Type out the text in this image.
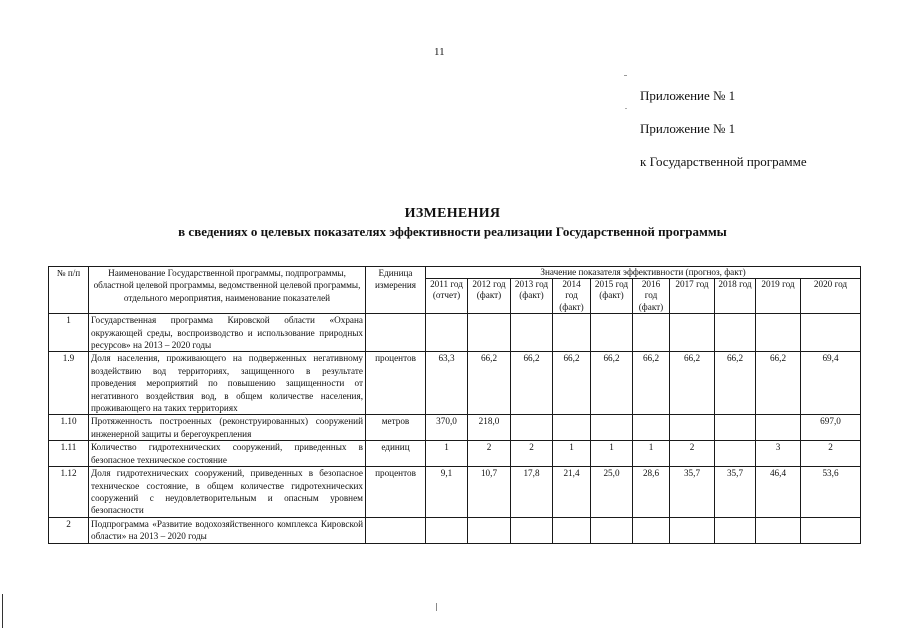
11
Приложение № 1
Приложение № 1
к Государственной программе
ИЗМЕНЕНИЯ
в сведениях о целевых показателях эффективности реализации Государственной программы
№ п/п	Наименование Государственной программы, подпрограммы, областной целевой программы, ведомственной целевой программы, отдельного мероприятия, наименование показателей	Единица измерения	Значение показателя эффективности (прогноз, факт)									
			2011 год (отчет)	2012 год (факт)	2013 год (факт)	2014 год (факт)	2015 год (факт)	2016 год (факт)	2017 год	2018 год	2019 год	2020 год
1	Государственная программа Кировской области «Охрана окружающей среды, воспроизводство и использование природных ресурсов» на 2013 – 2020 годы											
1.9	Доля населения, проживающего на подверженных негативному воздействию вод территориях, защищенного в результате проведения мероприятий по повышению защищенности от негативного воздействия вод, в общем количестве населения, проживающего на таких территориях	процентов	63,3	66,2	66,2	66,2	66,2	66,2	66,2	66,2	66,2	69,4
1.10	Протяженность построенных (реконструированных) сооружений инженерной защиты и берегоукрепления	метров	370,0	218,0								697,0
1.11	Количество гидротехнических сооружений, приведенных в безопасное техническое состояние	единиц	1	2	2	1	1	1	2		3	2
1.12	Доля гидротехнических сооружений, приведенных в безопасное техническое состояние, в общем количестве гидротехнических сооружений с неудовлетворительным и опасным уровнем безопасности	процентов	9,1	10,7	17,8	21,4	25,0	28,6	35,7	35,7	46,4	53,6
2	Подпрограмма «Развитие водохозяйственного комплекса Кировской области» на 2013 – 2020 годы											
